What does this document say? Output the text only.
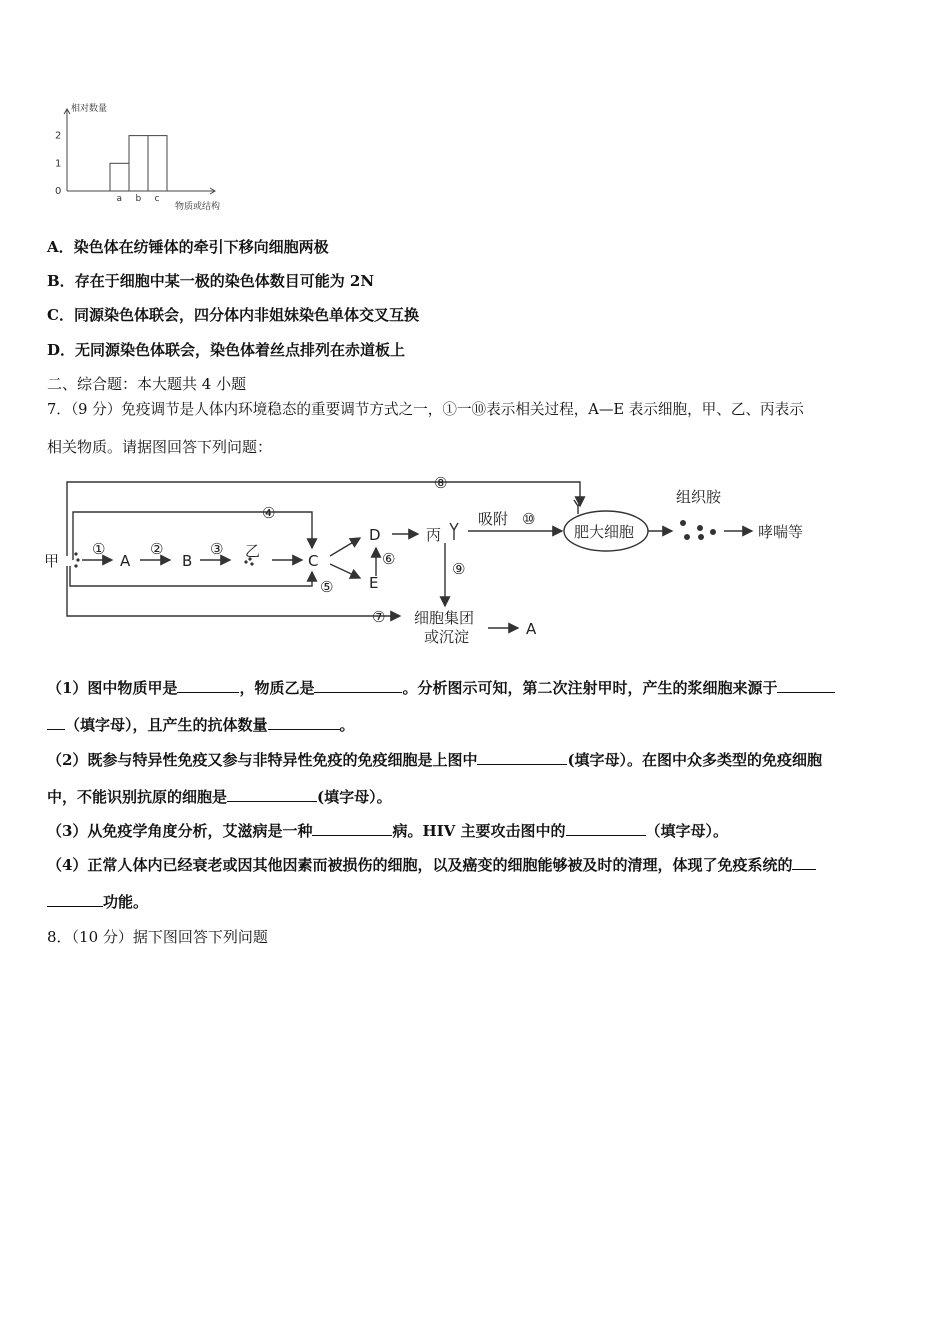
相对数量
物质或结构
0
1
2
a b c
A．染色体在纺锤体的牵引下移向细胞两极
B．存在于细胞中某一极的染色体数目可能为 2N
C．同源染色体联会，四分体内非姐妹染色单体交叉互换
D．无同源染色体联会，染色体着丝点排列在赤道板上
二、综合题：本大题共 4 小题
7．（9 分）免疫调节是人体内环境稳态的重要调节方式之一，①一⑩表示相关过程，A—E 表示细胞，甲、乙、丙表示
相关物质。请据图回答下列问题：
甲	A	B
乙
C
D
E
丙
吸附
肥大细胞
组织胺
哮喘等
细胞集团
或沉淀	A
①	②	③
④
⑤
⑥
⑦
⑧
⑨
⑩
（1）图中物质甲是	，物质乙是	。分析图示可知，第二次注射甲时，产生的浆细胞来源于
（填字母），且产生的抗体数量	。
（2）既参与特异性免疫又参与非特异性免疫的免疫细胞是上图中	(填字母）。在图中众多类型的免疫细胞
中，不能识别抗原的细胞是	(填字母）。
（3）从免疫学角度分析，艾滋病是一种	病。HIV 主要攻击图中的	（填字母）。
（4）正常人体内已经衰老或因其他因素而被损伤的细胞，以及癌变的细胞能够被及时的清理，体现了免疫系统的
功能。
8．（10 分）据下图回答下列问题
